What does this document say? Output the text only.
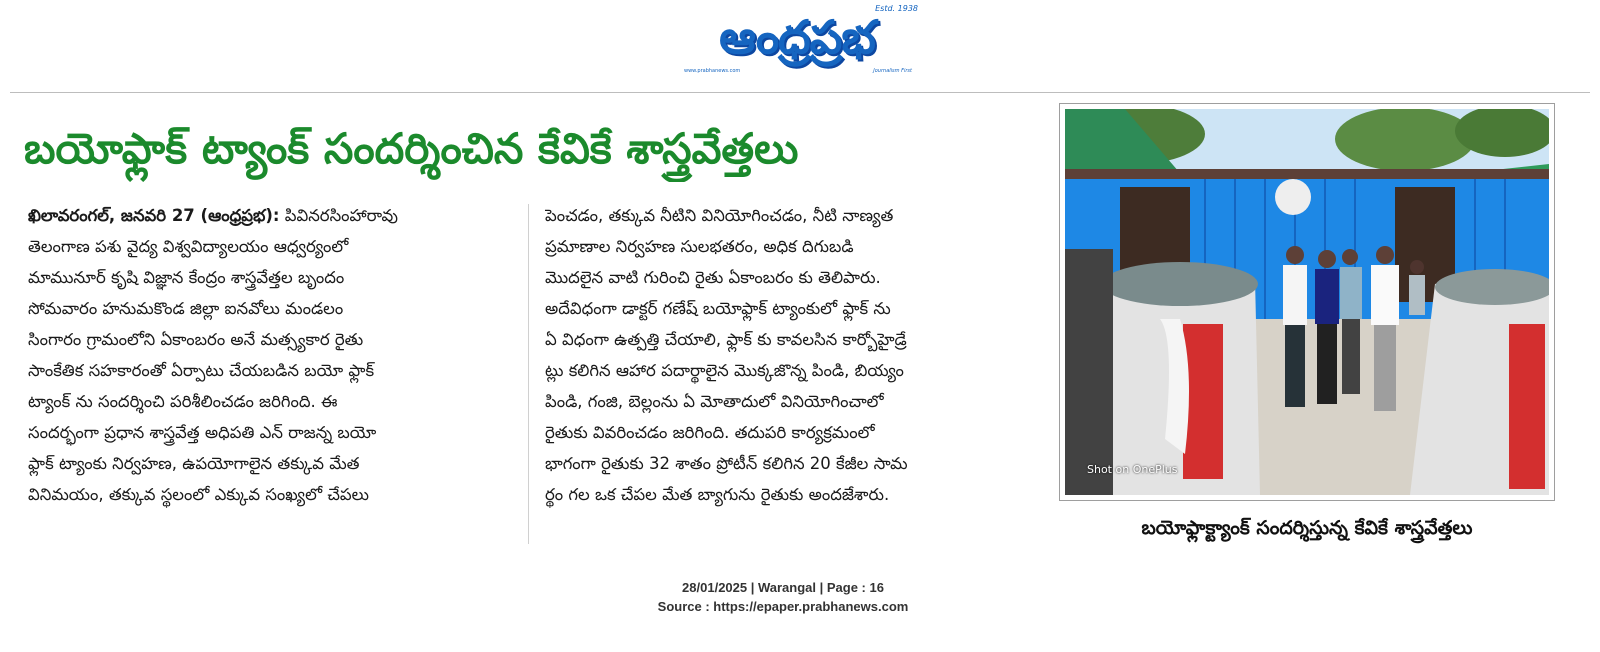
ఆంధ్రప్రభ
Estd. 1938
www.prabhanews.com	Journalism First
బయోఫ్లాక్ ట్యాంక్ సందర్శించిన కేవికే శాస్త్రవేత్తలు
ఖిలావరంగల్, జనవరి 27 (ఆంధ్రప్రభ): పివినరసింహారావు
తెలంగాణ పశు వైద్య విశ్వవిద్యాలయం ఆధ్వర్యంలో
మామునూర్ కృషి విజ్ఞాన కేంద్రం శాస్త్రవేత్తల బృందం
సోమవారం హనుమకొండ జిల్లా ఐనవోలు మండలం
సింగారం గ్రామంలోని ఏకాంబరం అనే మత్స్యకార రైతు
సాంకేతిక సహకారంతో ఏర్పాటు చేయబడిన బయో ఫ్లాక్
ట్యాంక్ ను సందర్శించి పరిశీలించడం జరిగింది. ఈ
సందర్భంగా ప్రధాన శాస్త్రవేత్త అధిపతి ఎన్ రాజన్న బయో
ఫ్లాక్ ట్యాంకు నిర్వహణ, ఉపయోగాలైన తక్కువ మేత
వినిమయం, తక్కువ స్థలంలో ఎక్కువ సంఖ్యలో చేపలు
పెంచడం, తక్కువ నీటిని వినియోగించడం, నీటి నాణ్యత
ప్రమాణాల నిర్వహణ సులభతరం, అధిక దిగుబడి
మొదలైన వాటి గురించి రైతు ఏకాంబరం కు తెలిపారు.
అదేవిధంగా డాక్టర్ గణేష్ బయోఫ్లాక్ ట్యాంకులో ఫ్లాక్ ను
ఏ విధంగా ఉత్పత్తి చేయాలి, ఫ్లాక్ కు కావలసిన కార్బోహైడ్రే
ట్లు కలిగిన ఆహార పదార్థాలైన మొక్కజొన్న పిండి, బియ్యం
పిండి, గంజి, బెల్లంను ఏ మోతాదులో వినియోగించాలో
రైతుకు వివరించడం జరిగింది. తదుపరి కార్యక్రమంలో
భాగంగా రైతుకు 32 శాతం ప్రోటీన్ కలిగిన 20 కేజీల సామ
ర్థం గల ఒక చేపల మేత బ్యాగును రైతుకు అందజేశారు.
Shot on OnePlus
బయోఫ్లాక్ట్యాంక్ సందర్శిస్తున్న కేవికే శాస్త్రవేత్తలు
28/01/2025 | Warangal | Page : 16
Source : https://epaper.prabhanews.com
